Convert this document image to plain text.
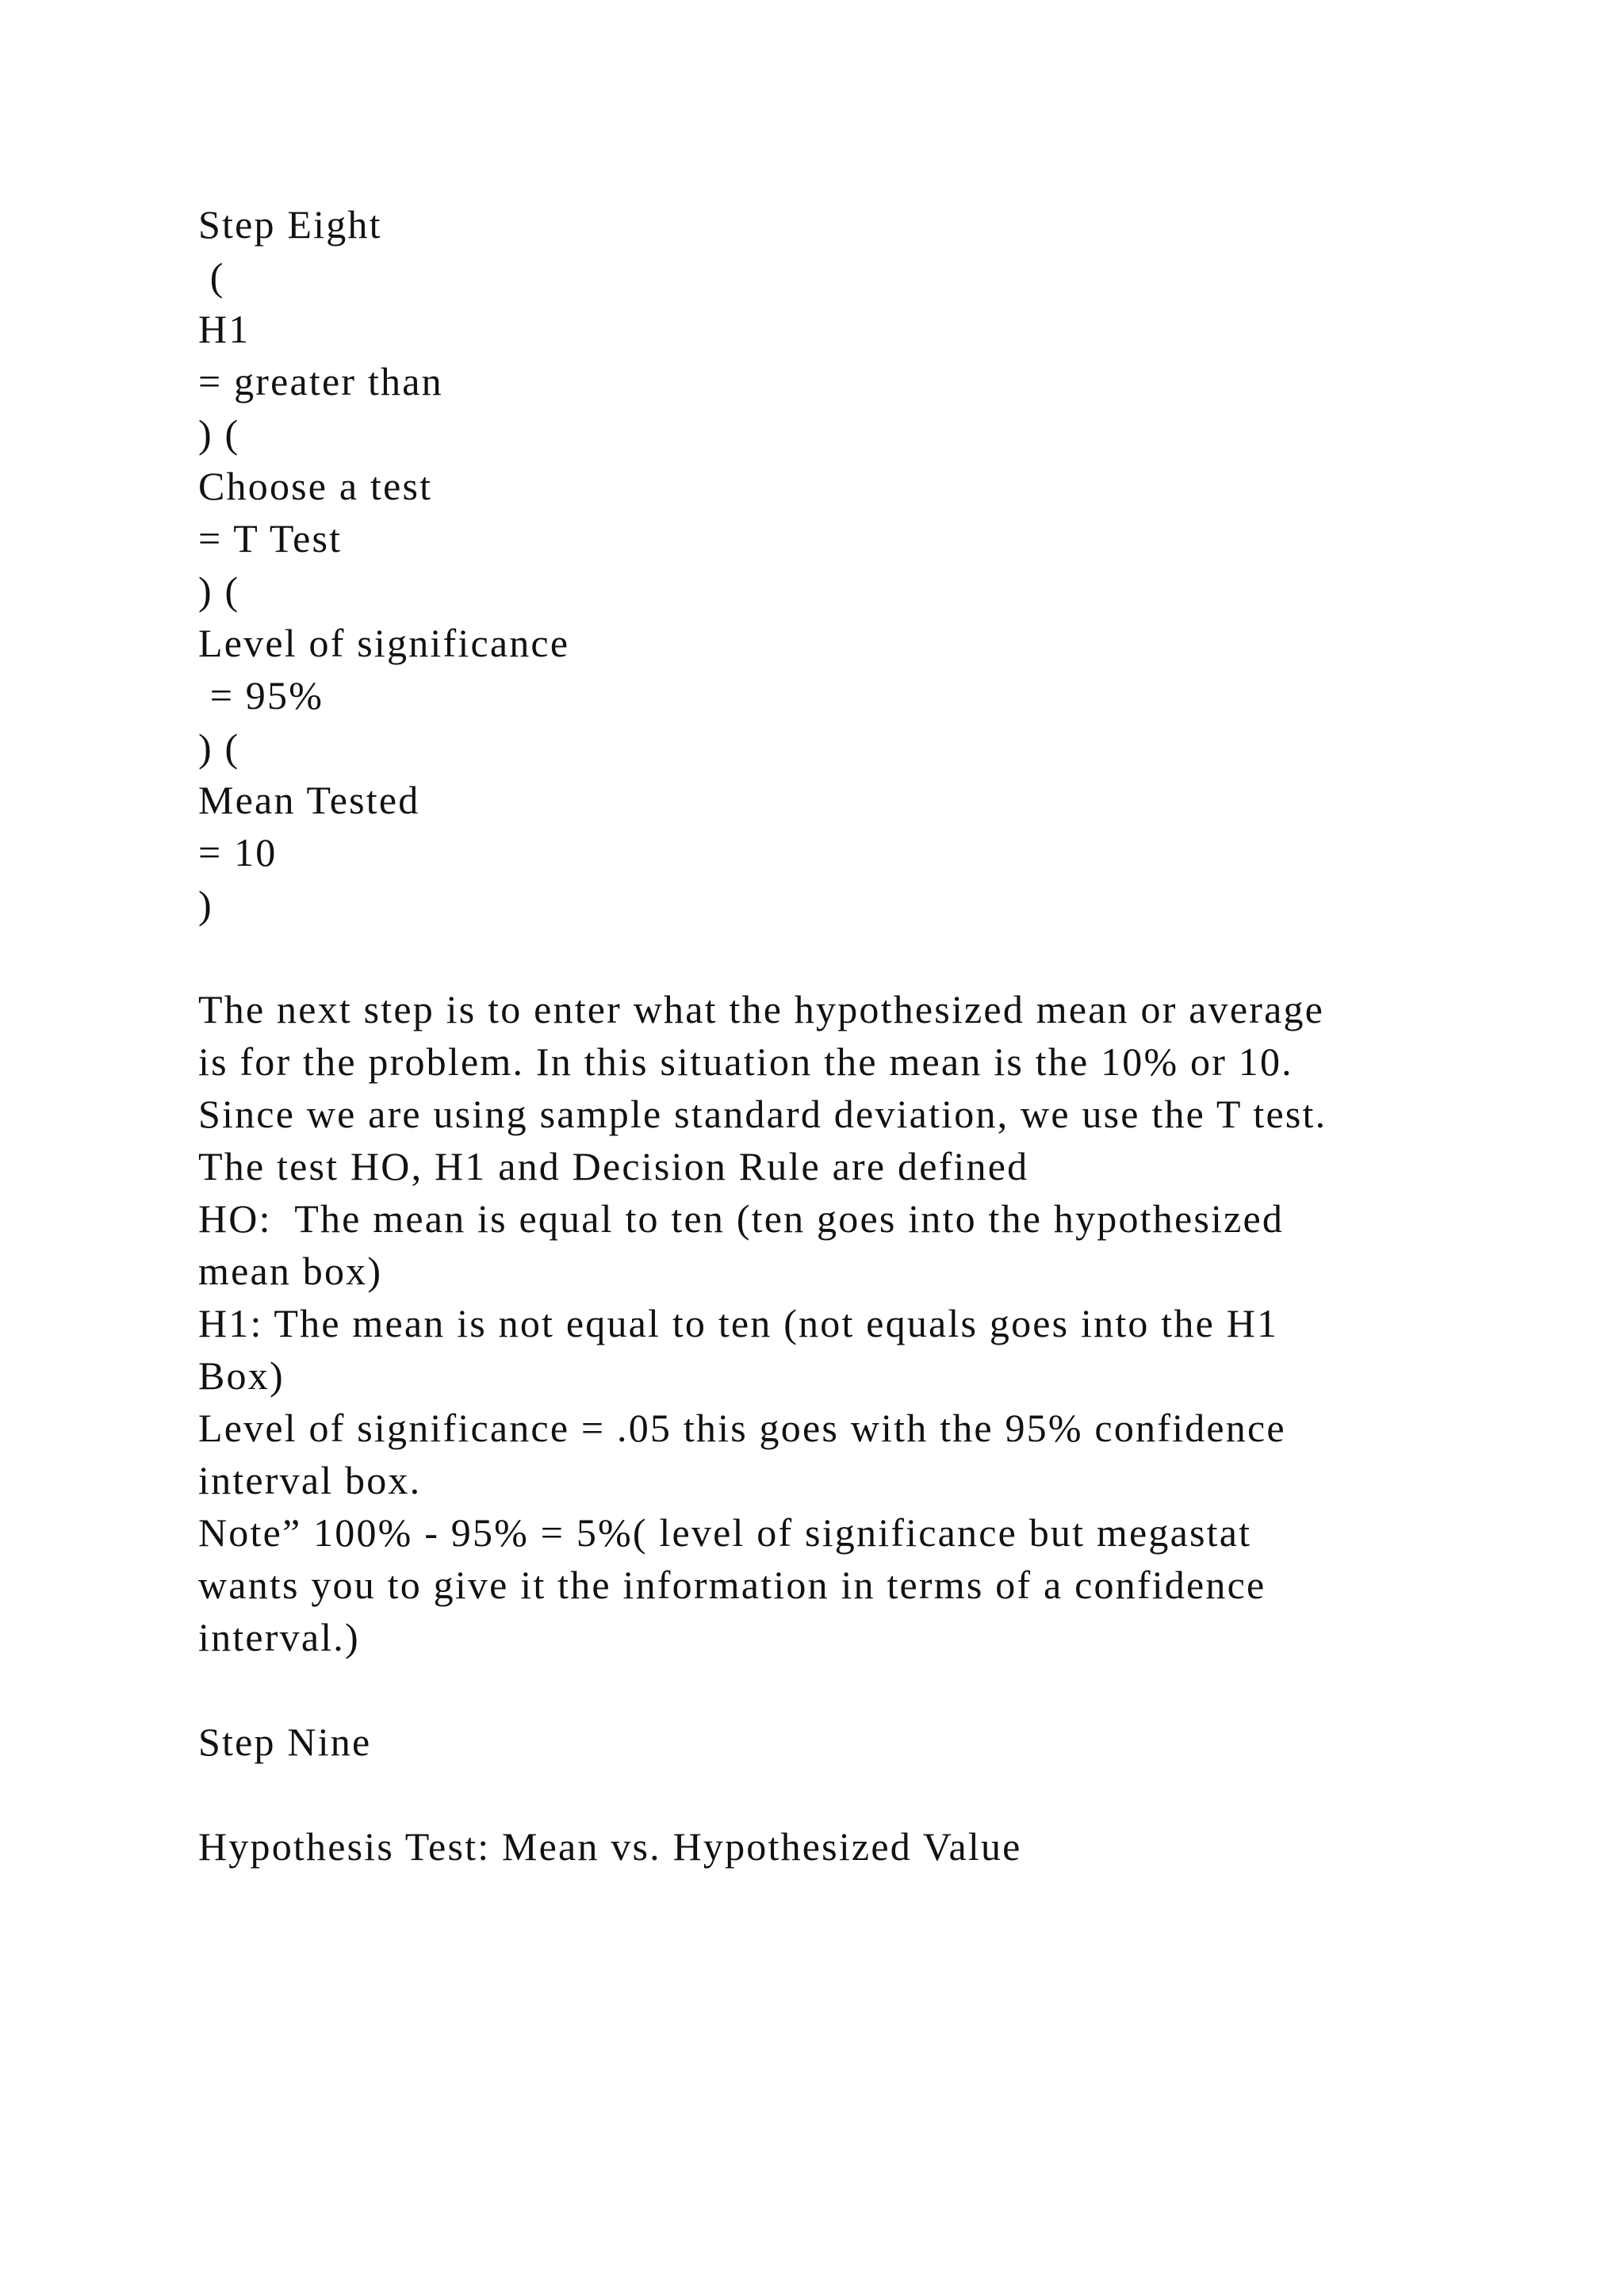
Step Eight

(

H1

= greater than

) (

Choose a test

= T Test

) (

Level of significance

= 95%

) (

Mean Tested

= 10

)

The next step is to enter what the hypothesized mean or average

is for the problem. In this situation the mean is the 10% or 10.

Since we are using sample standard deviation, we use the T test.

The test HO, H1 and Decision Rule are defined

HO:  The mean is equal to ten (ten goes into the hypothesized

mean box)

H1: The mean is not equal to ten (not equals goes into the H1

Box)

Level of significance = .05 this goes with the 95% confidence

interval box.

Note” 100% - 95% = 5%( level of significance but megastat

wants you to give it the information in terms of a confidence

interval.)

Step Nine

Hypothesis Test: Mean vs. Hypothesized Value
